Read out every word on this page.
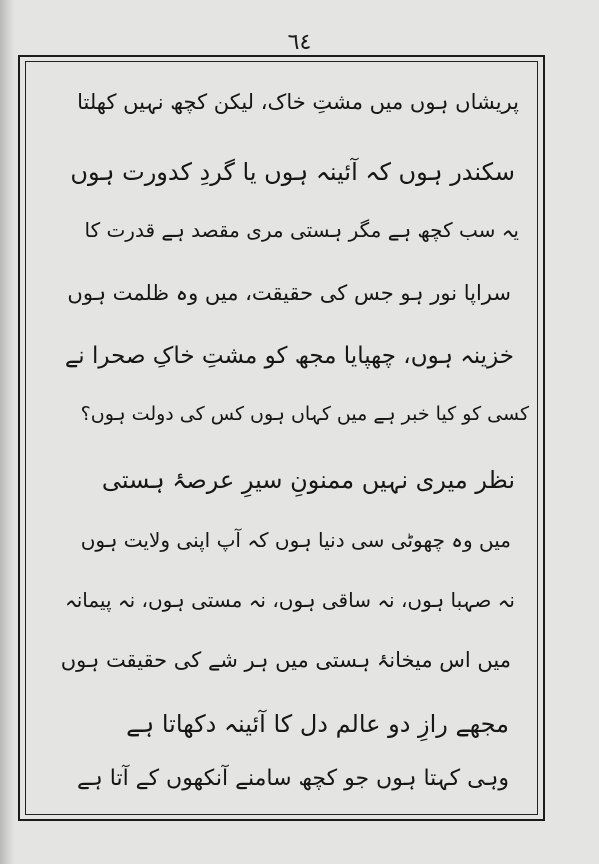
٦٤
پریشاں ہوں میں مشتِ خاک، لیکن کچھ نہیں کھلتا
سکندر ہوں کہ آئینہ ہوں یا گردِ کدورت ہوں
یہ سب کچھ ہے مگر ہستی مری مقصد ہے قدرت کا
سراپا نور ہو جس کی حقیقت، میں وہ ظلمت ہوں
خزینہ ہوں، چھپایا مجھ کو مشتِ خاکِ صحرا نے
کسی کو کیا خبر ہے میں کہاں ہوں کس کی دولت ہوں؟
نظر میری نہیں ممنونِ سیرِ عرصۂ ہستی
میں وہ چھوٹی سی دنیا ہوں کہ آپ اپنی ولایت ہوں
نہ صہبا ہوں، نہ ساقی ہوں، نہ مستی ہوں، نہ پیمانہ
میں اس میخانۂ ہستی میں ہر شے کی حقیقت ہوں
مجھے رازِ دو عالم دل کا آئینہ دکھاتا ہے
وہی کہتا ہوں جو کچھ سامنے آنکھوں کے آتا ہے
